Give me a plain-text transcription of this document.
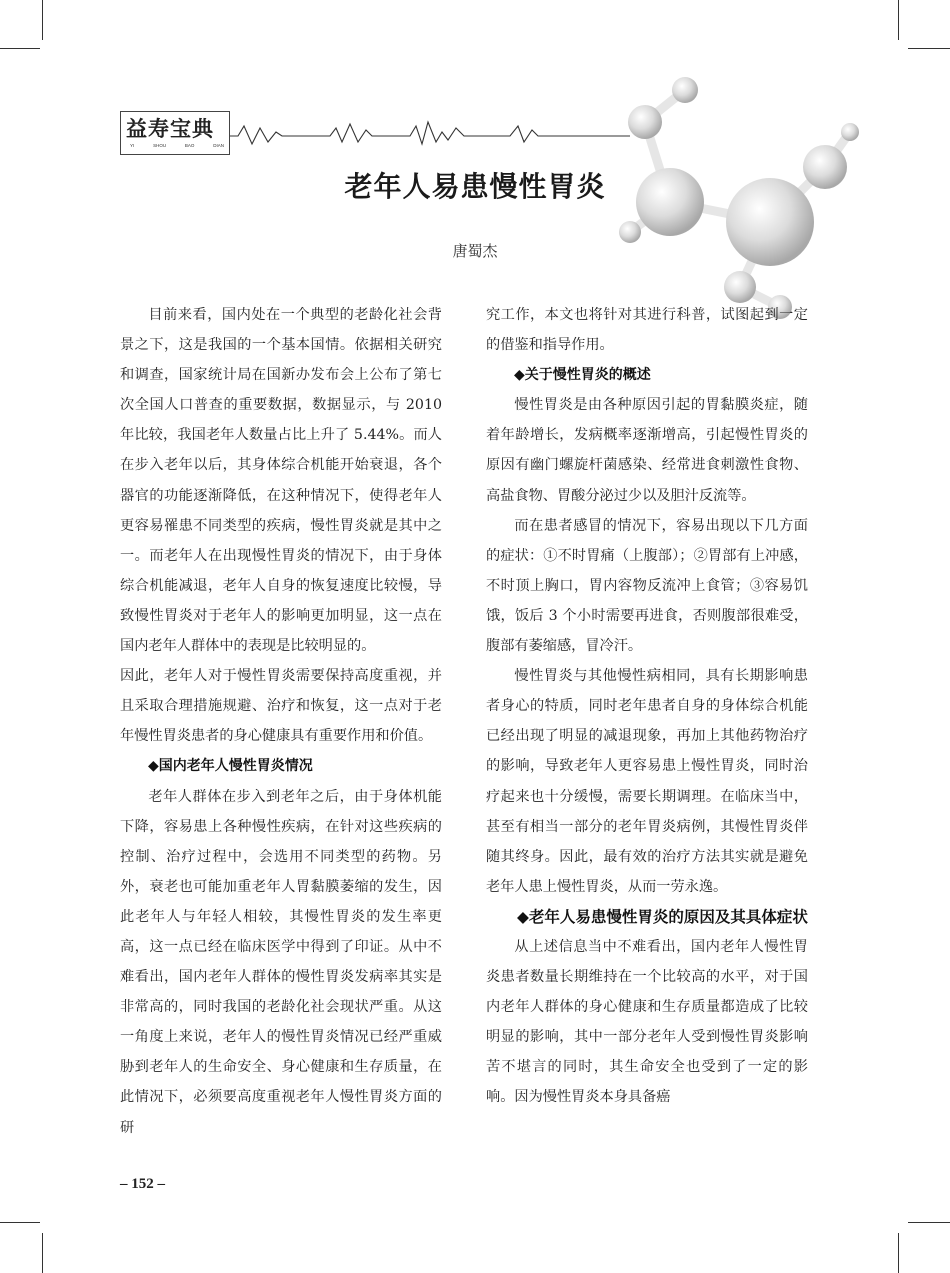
益寿宝典
YI	SHOU	BAO	DIAN
老年人易患慢性胃炎
唐蜀杰

目前来看，国内处在一个典型的老龄化社会背景之下，这是我国的一个基本国情。依据相关研究和调查，国家统计局在国新办发布会上公布了第七次全国人口普查的重要数据，数据显示，与 2010 年比较，我国老年人数量占比上升了 5.44%。而人在步入老年以后，其身体综合机能开始衰退，各个器官的功能逐渐降低，在这种情况下，使得老年人更容易罹患不同类型的疾病，慢性胃炎就是其中之一。而老年人在出现慢性胃炎的情况下，由于身体综合机能减退，老年人自身的恢复速度比较慢，导致慢性胃炎对于老年人的影响更加明显，这一点在国内老年人群体中的表现是比较明显的。

因此，老年人对于慢性胃炎需要保持高度重视，并且采取合理措施规避、治疗和恢复，这一点对于老年慢性胃炎患者的身心健康具有重要作用和价值。

◆国内老年人慢性胃炎情况

老年人群体在步入到老年之后，由于身体机能下降，容易患上各种慢性疾病，在针对这些疾病的控制、治疗过程中，会选用不同类型的药物。另外，衰老也可能加重老年人胃黏膜萎缩的发生，因此老年人与年轻人相较，其慢性胃炎的发生率更高，这一点已经在临床医学中得到了印证。从中不难看出，国内老年人群体的慢性胃炎发病率其实是非常高的，同时我国的老龄化社会现状严重。从这一角度上来说，老年人的慢性胃炎情况已经严重威胁到老年人的生命安全、身心健康和生存质量，在此情况下，必须要高度重视老年人慢性胃炎方面的研

究工作，本文也将针对其进行科普，试图起到一定的借鉴和指导作用。

◆关于慢性胃炎的概述

慢性胃炎是由各种原因引起的胃黏膜炎症，随着年龄增长，发病概率逐渐增高，引起慢性胃炎的原因有幽门螺旋杆菌感染、经常进食刺激性食物、高盐食物、胃酸分泌过少以及胆汁反流等。

而在患者感冒的情况下，容易出现以下几方面的症状：①不时胃痛（上腹部）；②胃部有上冲感，不时顶上胸口，胃内容物反流冲上食管；③容易饥饿，饭后 3 个小时需要再进食，否则腹部很难受，腹部有萎缩感，冒冷汗。

慢性胃炎与其他慢性病相同，具有长期影响患者身心的特质，同时老年患者自身的身体综合机能已经出现了明显的减退现象，再加上其他药物治疗的影响，导致老年人更容易患上慢性胃炎，同时治疗起来也十分缓慢，需要长期调理。在临床当中，甚至有相当一部分的老年胃炎病例，其慢性胃炎伴随其终身。因此，最有效的治疗方法其实就是避免老年人患上慢性胃炎，从而一劳永逸。

◆老年人易患慢性胃炎的原因及其具体症状

从上述信息当中不难看出，国内老年人慢性胃炎患者数量长期维持在一个比较高的水平，对于国内老年人群体的身心健康和生存质量都造成了比较明显的影响，其中一部分老年人受到慢性胃炎影响苦不堪言的同时，其生命安全也受到了一定的影响。因为慢性胃炎本身具备癌

– 152 –
